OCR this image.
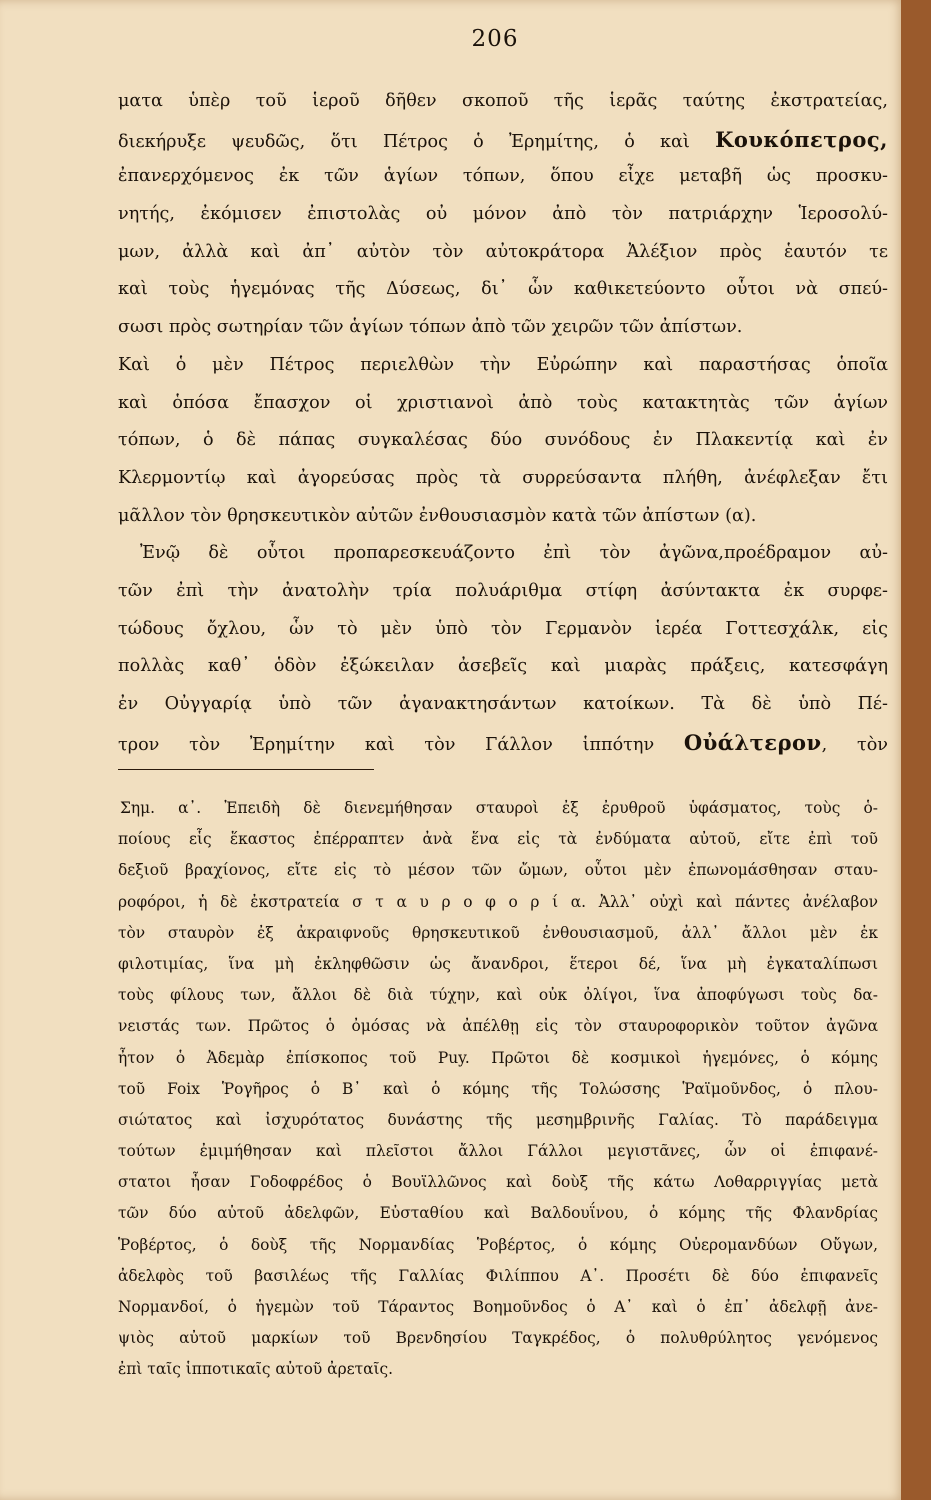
206
ματα ὑπὲρ τοῦ ἱεροῦ δῆθεν σκοποῦ τῆς ἱερᾶς ταύτης ἐκστρατείας,
διεκήρυξε ψευδῶς, ὅτι Πέτρος ὁ Ἐρημίτης, ὁ καὶ Κουκόπετρος,
ἐπανερχόμενος ἐκ τῶν ἁγίων τόπων, ὅπου εἶχε μεταβῆ ὡς προσκυ-
νητής, ἐκόμισεν ἐπιστολὰς οὐ μόνον ἀπὸ τὸν πατριάρχην Ἱεροσολύ-
μων, ἀλλὰ καὶ ἀπ᾽ αὐτὸν τὸν αὐτοκράτορα Ἀλέξιον πρὸς ἑαυτόν τε
καὶ τοὺς ἡγεμόνας τῆς Δύσεως, δι᾽ ὧν καθικετεύοντο οὗτοι νὰ σπεύ-
σωσι πρὸς σωτηρίαν τῶν ἁγίων τόπων ἀπὸ τῶν χειρῶν τῶν ἀπίστων.
Καὶ ὁ μὲν Πέτρος περιελθὼν τὴν Εὐρώπην καὶ παραστήσας ὁποῖα
καὶ ὁπόσα ἔπασχον οἱ χριστιανοὶ ἀπὸ τοὺς κατακτητὰς τῶν ἁγίων
τόπων, ὁ δὲ πάπας συγκαλέσας δύο συνόδους ἐν Πλακεντίᾳ καὶ ἐν
Κλερμοντίῳ καὶ ἀγορεύσας πρὸς τὰ συρρεύσαντα πλήθη, ἀνέφλεξαν ἔτι
μᾶλλον τὸν θρησκευτικὸν αὐτῶν ἐνθουσιασμὸν κατὰ τῶν ἀπίστων (α).
Ἐνῷ δὲ οὗτοι προπαρεσκευάζοντο ἐπὶ τὸν ἀγῶνα,προέδραμον αὐ-
τῶν ἐπὶ τὴν ἀνατολὴν τρία πολυάριθμα στίφη ἀσύντακτα ἐκ συρφε-
τώδους ὄχλου, ὧν τὸ μὲν ὑπὸ τὸν Γερμανὸν ἱερέα Γοττεσχάλκ, εἰς
πολλὰς καθ᾽ ὁδὸν ἐξώκειλαν ἀσεβεῖς καὶ μιαρὰς πράξεις, κατεσφάγη
ἐν Οὐγγαρίᾳ ὑπὸ τῶν ἀγανακτησάντων κατοίκων. Τὰ δὲ ὑπὸ Πέ-
τρον τὸν Ἐρημίτην καὶ τὸν Γάλλον ἱππότην Οὐάλτερον, τὸν
Σημ. α᾽. Ἐπειδὴ δὲ διενεμήθησαν σταυροὶ ἐξ ἐρυθροῦ ὑφάσματος, τοὺς ὁ-
ποίους εἷς ἕκαστος ἐπέρραπτεν ἀνὰ ἕνα εἰς τὰ ἐνδύματα αὐτοῦ, εἴτε ἐπὶ τοῦ
δεξιοῦ βραχίονος, εἴτε εἰς τὸ μέσον τῶν ὤμων, οὗτοι μὲν ἐπωνομάσθησαν σταυ-
ροφόροι, ἡ δὲ ἐκστρατεία σ τ α υ ρ ο φ ο ρ ί α. Ἀλλ᾽ οὐχὶ καὶ πάντες ἀνέλαβον
τὸν σταυρὸν ἐξ ἀκραιφνοῦς θρησκευτικοῦ ἐνθουσιασμοῦ, ἀλλ᾽ ἄλλοι μὲν ἐκ
φιλοτιμίας, ἵνα μὴ ἐκληφθῶσιν ὡς ἄνανδροι, ἕτεροι δέ, ἵνα μὴ ἐγκαταλίπωσι
τοὺς φίλους των, ἄλλοι δὲ διὰ τύχην, καὶ οὐκ ὀλίγοι, ἵνα ἀποφύγωσι τοὺς δα-
νειστάς των. Πρῶτος ὁ ὀμόσας νὰ ἀπέλθῃ εἰς τὸν σταυροφορικὸν τοῦτον ἀγῶνα
ἦτον ὁ Ἀδεμὰρ ἐπίσκοπος τοῦ Puy. Πρῶτοι δὲ κοσμικοὶ ἡγεμόνες, ὁ κόμης
τοῦ Foix Ῥογῆρος ὁ Β᾽ καὶ ὁ κόμης τῆς Τολώσσης Ῥαϊμοῦνδος, ὁ πλου-
σιώτατος καὶ ἰσχυρότατος δυνάστης τῆς μεσημβρινῆς Γαλίας. Τὸ παράδειγμα
τούτων ἐμιμήθησαν καὶ πλεῖστοι ἄλλοι Γάλλοι μεγιστᾶνες, ὧν οἱ ἐπιφανέ-
στατοι ἦσαν Γοδοφρέδος ὁ Βουϊλλῶνος καὶ δοὺξ τῆς κάτω Λοθαρριγγίας μετὰ
τῶν δύο αὐτοῦ ἀδελφῶν, Εὐσταθίου καὶ Βαλδουΐνου, ὁ κόμης τῆς Φλανδρίας
Ῥοβέρτος, ὁ δοὺξ τῆς Νορμανδίας Ῥοβέρτος, ὁ κόμης Οὐερομανδύων Οὔγων,
ἀδελφὸς τοῦ βασιλέως τῆς Γαλλίας Φιλίππου Α᾽. Προσέτι δὲ δύο ἐπιφανεῖς
Νορμανδοί, ὁ ἡγεμὼν τοῦ Τάραντος Βοημοῦνδος ὁ Α᾽ καὶ ὁ ἐπ᾽ ἀδελφῇ ἀνε-
ψιὸς αὐτοῦ μαρκίων τοῦ Βρενδησίου Ταγκρέδος, ὁ πολυθρύλητος γενόμενος
ἐπὶ ταῖς ἱπποτικαῖς αὐτοῦ ἀρεταῖς.
